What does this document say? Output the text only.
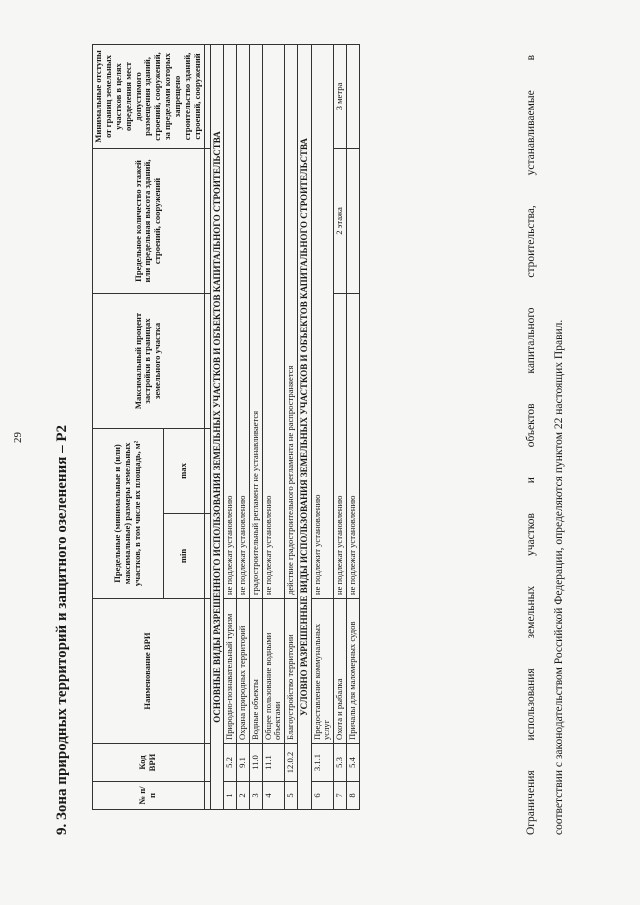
29 9. Зона природных территорий и защитного озеленения – Р2	№ п/п	Код ВРИ	Наименование ВРИ	Предельные (минимальные и (или) максимальные) размеры земельных участков, в том числе их площадь, м²		Максимальный процент застройки в границах земельного участка	Предельное количество этажей или предельная высота зданий, строений, сооружений	Минимальные отступы от границ земельных участков в целях определения мест допустимого размещения зданий, строений, сооружений, за пределами которых запрещено строительство зданий, строений, сооружений
			min	max			

ОСНОВНЫЕ ВИДЫ РАЗРЕШЕННОГО ИСПОЛЬЗОВАНИЯ ЗЕМЕЛЬНЫХ УЧАСТКОВ И ОБЪЕКТОВ КАПИТАЛЬНОГО СТРОИТЕЛЬСТВА							
1	5.2	Природно-познавательный туризм	не подлежат установлению				
2	9.1	Охрана природных территорий	не подлежат установлению				
3	11.0	Водные объекты	градостроительный регламент не устанавливается				
4	11.1	Общее пользование водными объектами	не подлежат установлению				
5	12.0.2	Благоустройство территории	действие градостроительного регламента не распространяется				
УСЛОВНО РАЗРЕШЕННЫЕ ВИДЫ ИСПОЛЬЗОВАНИЯ ЗЕМЕЛЬНЫХ УЧАСТКОВ И ОБЪЕКТОВ КАПИТАЛЬНОГО СТРОИТЕЛЬСТВА							
6	3.1.1	Предоставление коммунальных услуг	не подлежит установлению				
7	5.3	Охота и рыбалка	не подлежат установлению			2 этажа	3 метра
8	5.4	Причалы для маломерных судов	не подлежат установлению					Ограничения использования земельных участков и объектов капитального строительства, устанавливаемые в соответствии с законодательством Российской Федерации, определяются пунктом 22 настоящих Правил.
